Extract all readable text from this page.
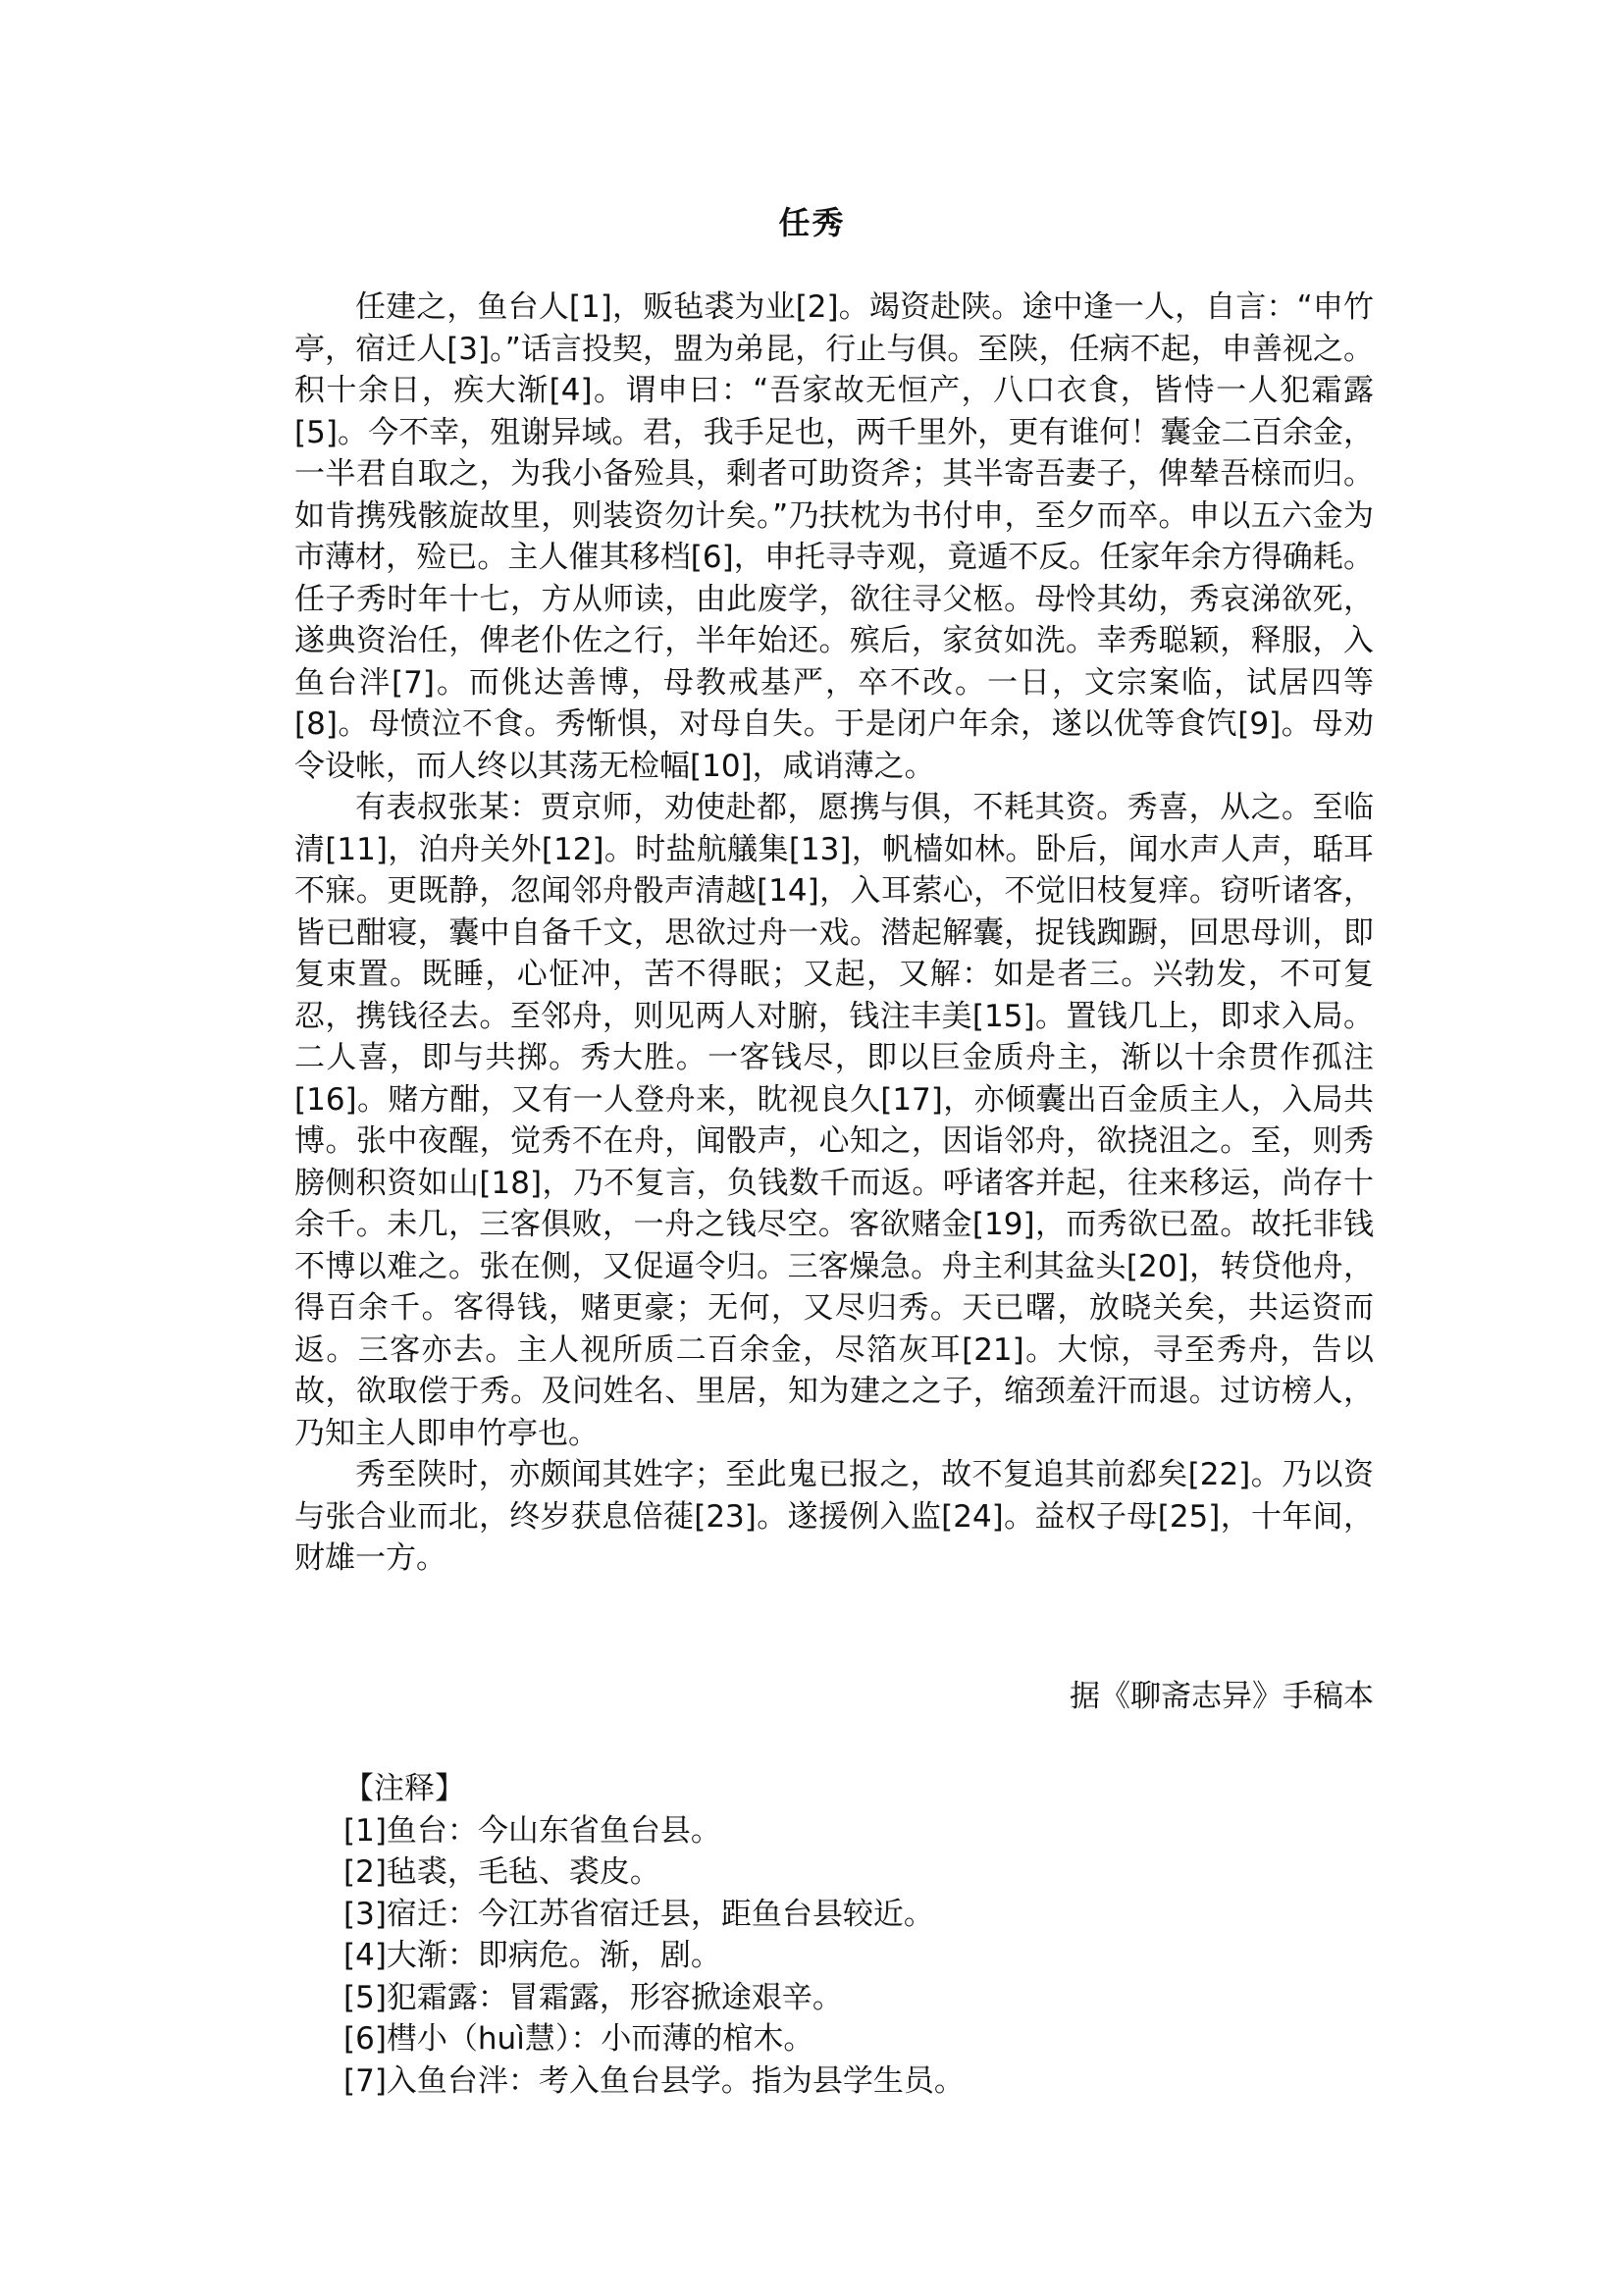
任秀

任建之，鱼台人[1]，贩毡裘为业[2]。竭资赴陕。途中逢一人，自言：“申竹亭，宿迁人[3]。”话言投契，盟为弟昆，行止与俱。至陕，任病不起，申善视之。积十余日，疾大渐[4]。谓申曰：“吾家故无恒产，八口衣食，皆恃一人犯霜露[5]。今不幸，殂谢异域。君，我手足也，两千里外，更有谁何！囊金二百余金，一半君自取之，为我小备殓具，剩者可助资斧；其半寄吾妻子，俾辇吾榇而归。如肯携残骸旋故里，则装资勿计矣。”乃扶枕为书付申，至夕而卒。申以五六金为市薄材，殓已。主人催其移档[6]，申托寻寺观，竟遁不反。任家年余方得确耗。任子秀时年十七，方从师读，由此废学，欲往寻父柩。母怜其幼，秀哀涕欲死，遂典资治任，俾老仆佐之行，半年始还。殡后，家贫如洗。幸秀聪颖，释服，入鱼台泮[7]。而佻达善博，母教戒基严，卒不改。一日，文宗案临，试居四等[8]。母愤泣不食。秀惭惧，对母自失。于是闭户年余，遂以优等食饩[9]。母劝令设帐，而人终以其荡无检幅[10]，咸诮薄之。

有表叔张某：贾京师，劝使赴都，愿携与俱，不耗其资。秀喜，从之。至临清[11]，泊舟关外[12]。时盐航艤集[13]，帆樯如林。卧后，闻水声人声，聒耳不寐。更既静，忽闻邻舟骰声清越[14]，入耳萦心，不觉旧枝复痒。窃听诸客，皆已酣寝，囊中自备千文，思欲过舟一戏。潜起解囊，捉钱踟蹰，回思母训，即复束置。既睡，心怔冲，苦不得眠；又起，又解：如是者三。兴勃发，不可复忍，携钱径去。至邻舟，则见两人对腑，钱注丰美[15]。置钱几上，即求入局。二人喜，即与共掷。秀大胜。一客钱尽，即以巨金质舟主，渐以十余贯作孤注[16]。赌方酣，又有一人登舟来，眈视良久[17]，亦倾囊出百金质主人，入局共博。张中夜醒，觉秀不在舟，闻骰声，心知之，因诣邻舟，欲挠沮之。至，则秀膀侧积资如山[18]，乃不复言，负钱数千而返。呼诸客并起，往来移运，尚存十余千。未几，三客俱败，一舟之钱尽空。客欲赌金[19]，而秀欲已盈。故托非钱不博以难之。张在侧，又促逼令归。三客燥急。舟主利其盆头[20]，转贷他舟，得百余千。客得钱，赌更豪；无何，又尽归秀。天已曙，放晓关矣，共运资而返。三客亦去。主人视所质二百余金，尽箔灰耳[21]。大惊，寻至秀舟，告以故，欲取偿于秀。及问姓名、里居，知为建之之子，缩颈羞汗而退。过访榜人，乃知主人即申竹亭也。

秀至陕时，亦颇闻其姓字；至此鬼已报之，故不复追其前郄矣[22]。乃以资与张合业而北，终岁获息倍蓰[23]。遂援例入监[24]。益权子母[25]，十年间，财雄一方。

据《聊斋志异》手稿本
【注释】
[1]鱼台：今山东省鱼台县。
[2]毡裘，毛毡、裘皮。
[3]宿迁：今江苏省宿迁县，距鱼台县较近。
[4]大渐：即病危。渐，剧。
[5]犯霜露：冒霜露，形容掀途艰辛。
[6]槥小（huì慧）：小而薄的棺木。
[7]入鱼台泮：考入鱼台县学。指为县学生员。
